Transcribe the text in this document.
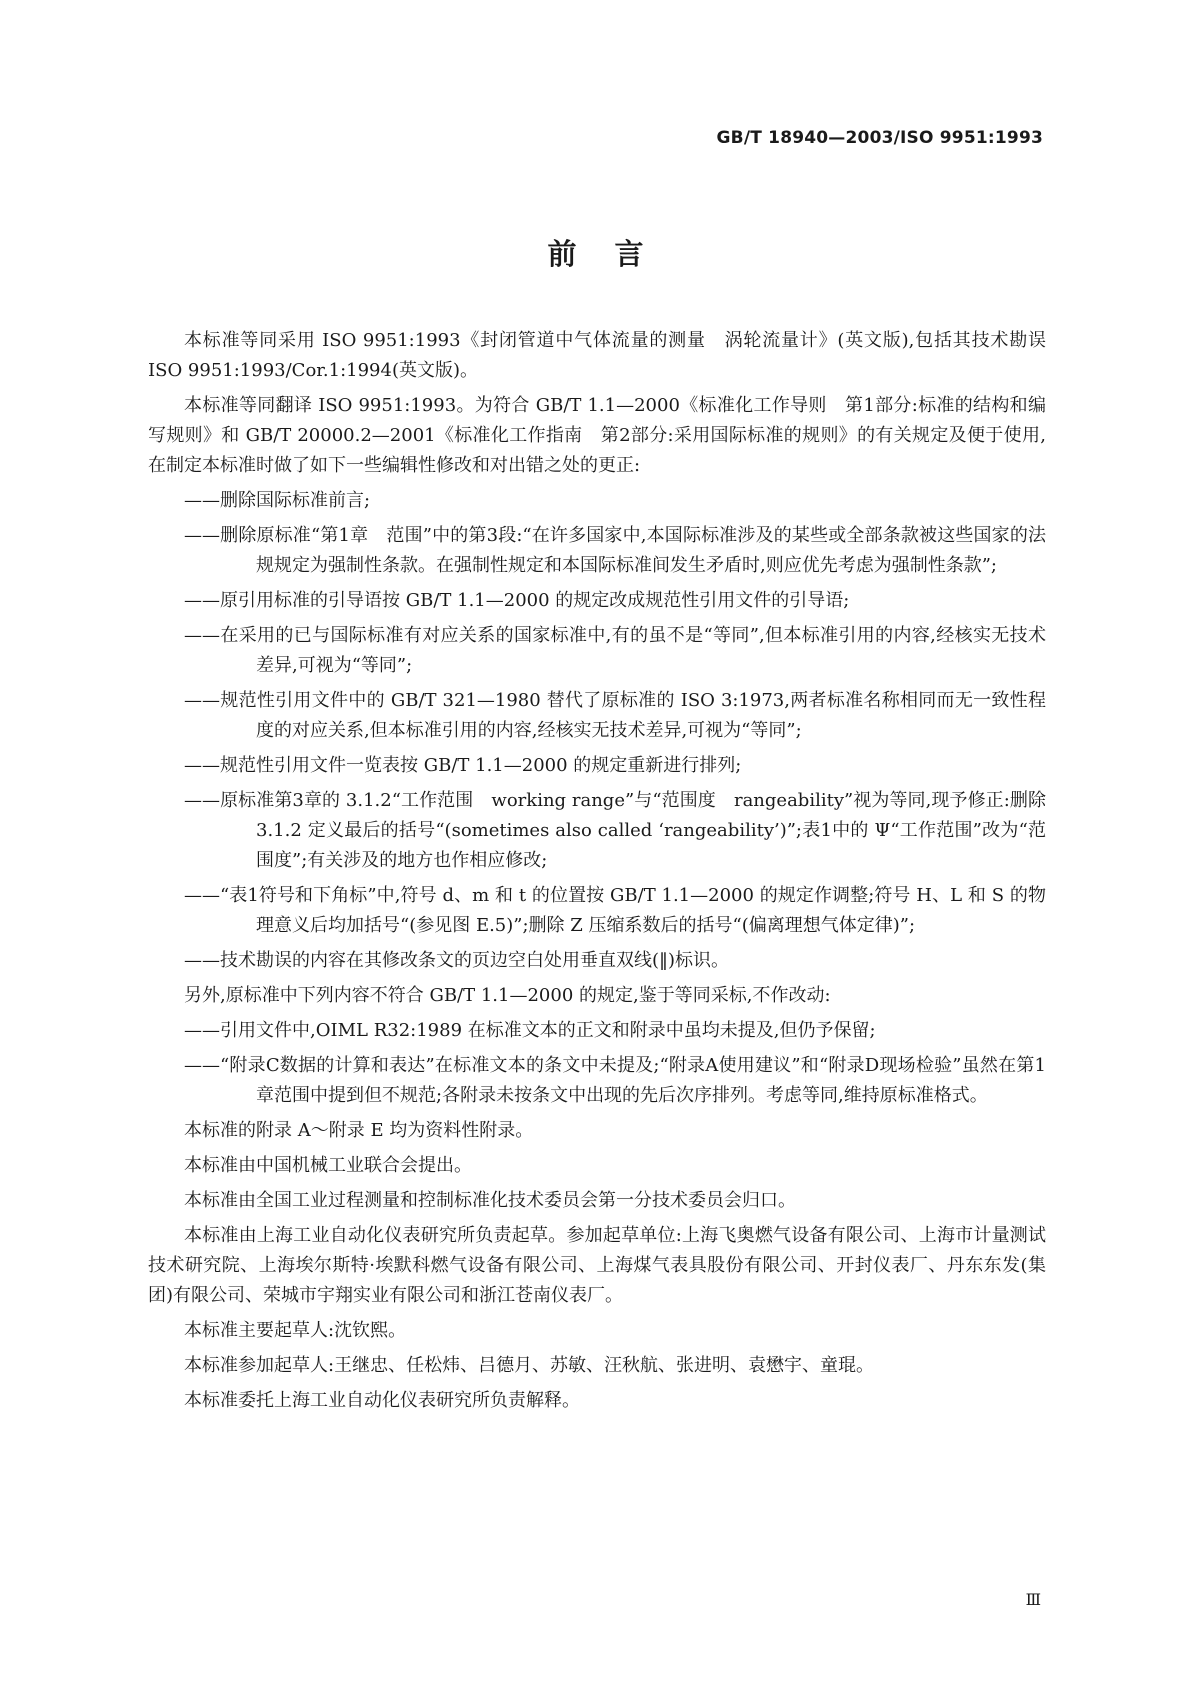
GB/T 18940—2003/ISO 9951:1993
前言

本标准等同采用 ISO 9951:1993《封闭管道中气体流量的测量　涡轮流量计》(英文版),包括其技术勘误 ISO 9951:1993/Cor.1:1994(英文版)。

本标准等同翻译 ISO 9951:1993。为符合 GB/T 1.1—2000《标准化工作导则　第1部分:标准的结构和编写规则》和 GB/T 20000.2—2001《标准化工作指南　第2部分:采用国际标准的规则》的有关规定及便于使用,在制定本标准时做了如下一些编辑性修改和对出错之处的更正:

——删除国际标准前言;
——删除原标准“第1章　范围”中的第3段:“在许多国家中,本国际标准涉及的某些或全部条款被这些国家的法规规定为强制性条款。在强制性规定和本国际标准间发生矛盾时,则应优先考虑为强制性条款”;
——原引用标准的引导语按 GB/T 1.1—2000 的规定改成规范性引用文件的引导语;
——在采用的已与国际标准有对应关系的国家标准中,有的虽不是“等同”,但本标准引用的内容,经核实无技术差异,可视为“等同”;
——规范性引用文件中的 GB/T 321—1980 替代了原标准的 ISO 3:1973,两者标准名称相同而无一致性程度的对应关系,但本标准引用的内容,经核实无技术差异,可视为“等同”;
——规范性引用文件一览表按 GB/T 1.1—2000 的规定重新进行排列;
——原标准第3章的 3.1.2“工作范围　working range”与“范围度　rangeability”视为等同,现予修正:删除 3.1.2 定义最后的括号“(sometimes also called ‘rangeability’)”;表1中的 Ψ“工作范围”改为“范围度”;有关涉及的地方也作相应修改;
——“表1符号和下角标”中,符号 d、m 和 t 的位置按 GB/T 1.1—2000 的规定作调整;符号 H、L 和 S 的物理意义后均加括号“(参见图 E.5)”;删除 Z 压缩系数后的括号“(偏离理想气体定律)”;
——技术勘误的内容在其修改条文的页边空白处用垂直双线(‖)标识。

另外,原标准中下列内容不符合 GB/T 1.1—2000 的规定,鉴于等同采标,不作改动:

——引用文件中,OIML R32:1989 在标准文本的正文和附录中虽均未提及,但仍予保留;
——“附录C数据的计算和表达”在标准文本的条文中未提及;“附录A使用建议”和“附录D现场检验”虽然在第1章范围中提到但不规范;各附录未按条文中出现的先后次序排列。考虑等同,维持原标准格式。

本标准的附录 A～附录 E 均为资料性附录。

本标准由中国机械工业联合会提出。

本标准由全国工业过程测量和控制标准化技术委员会第一分技术委员会归口。

本标准由上海工业自动化仪表研究所负责起草。参加起草单位:上海飞奥燃气设备有限公司、上海市计量测试技术研究院、上海埃尔斯特·埃默科燃气设备有限公司、上海煤气表具股份有限公司、开封仪表厂、丹东东发(集团)有限公司、荣城市宇翔实业有限公司和浙江苍南仪表厂。

本标准主要起草人:沈钦熙。

本标准参加起草人:王继忠、任松炜、吕德月、苏敏、汪秋航、张进明、袁懋宇、童琨。

本标准委托上海工业自动化仪表研究所负责解释。

Ⅲ
